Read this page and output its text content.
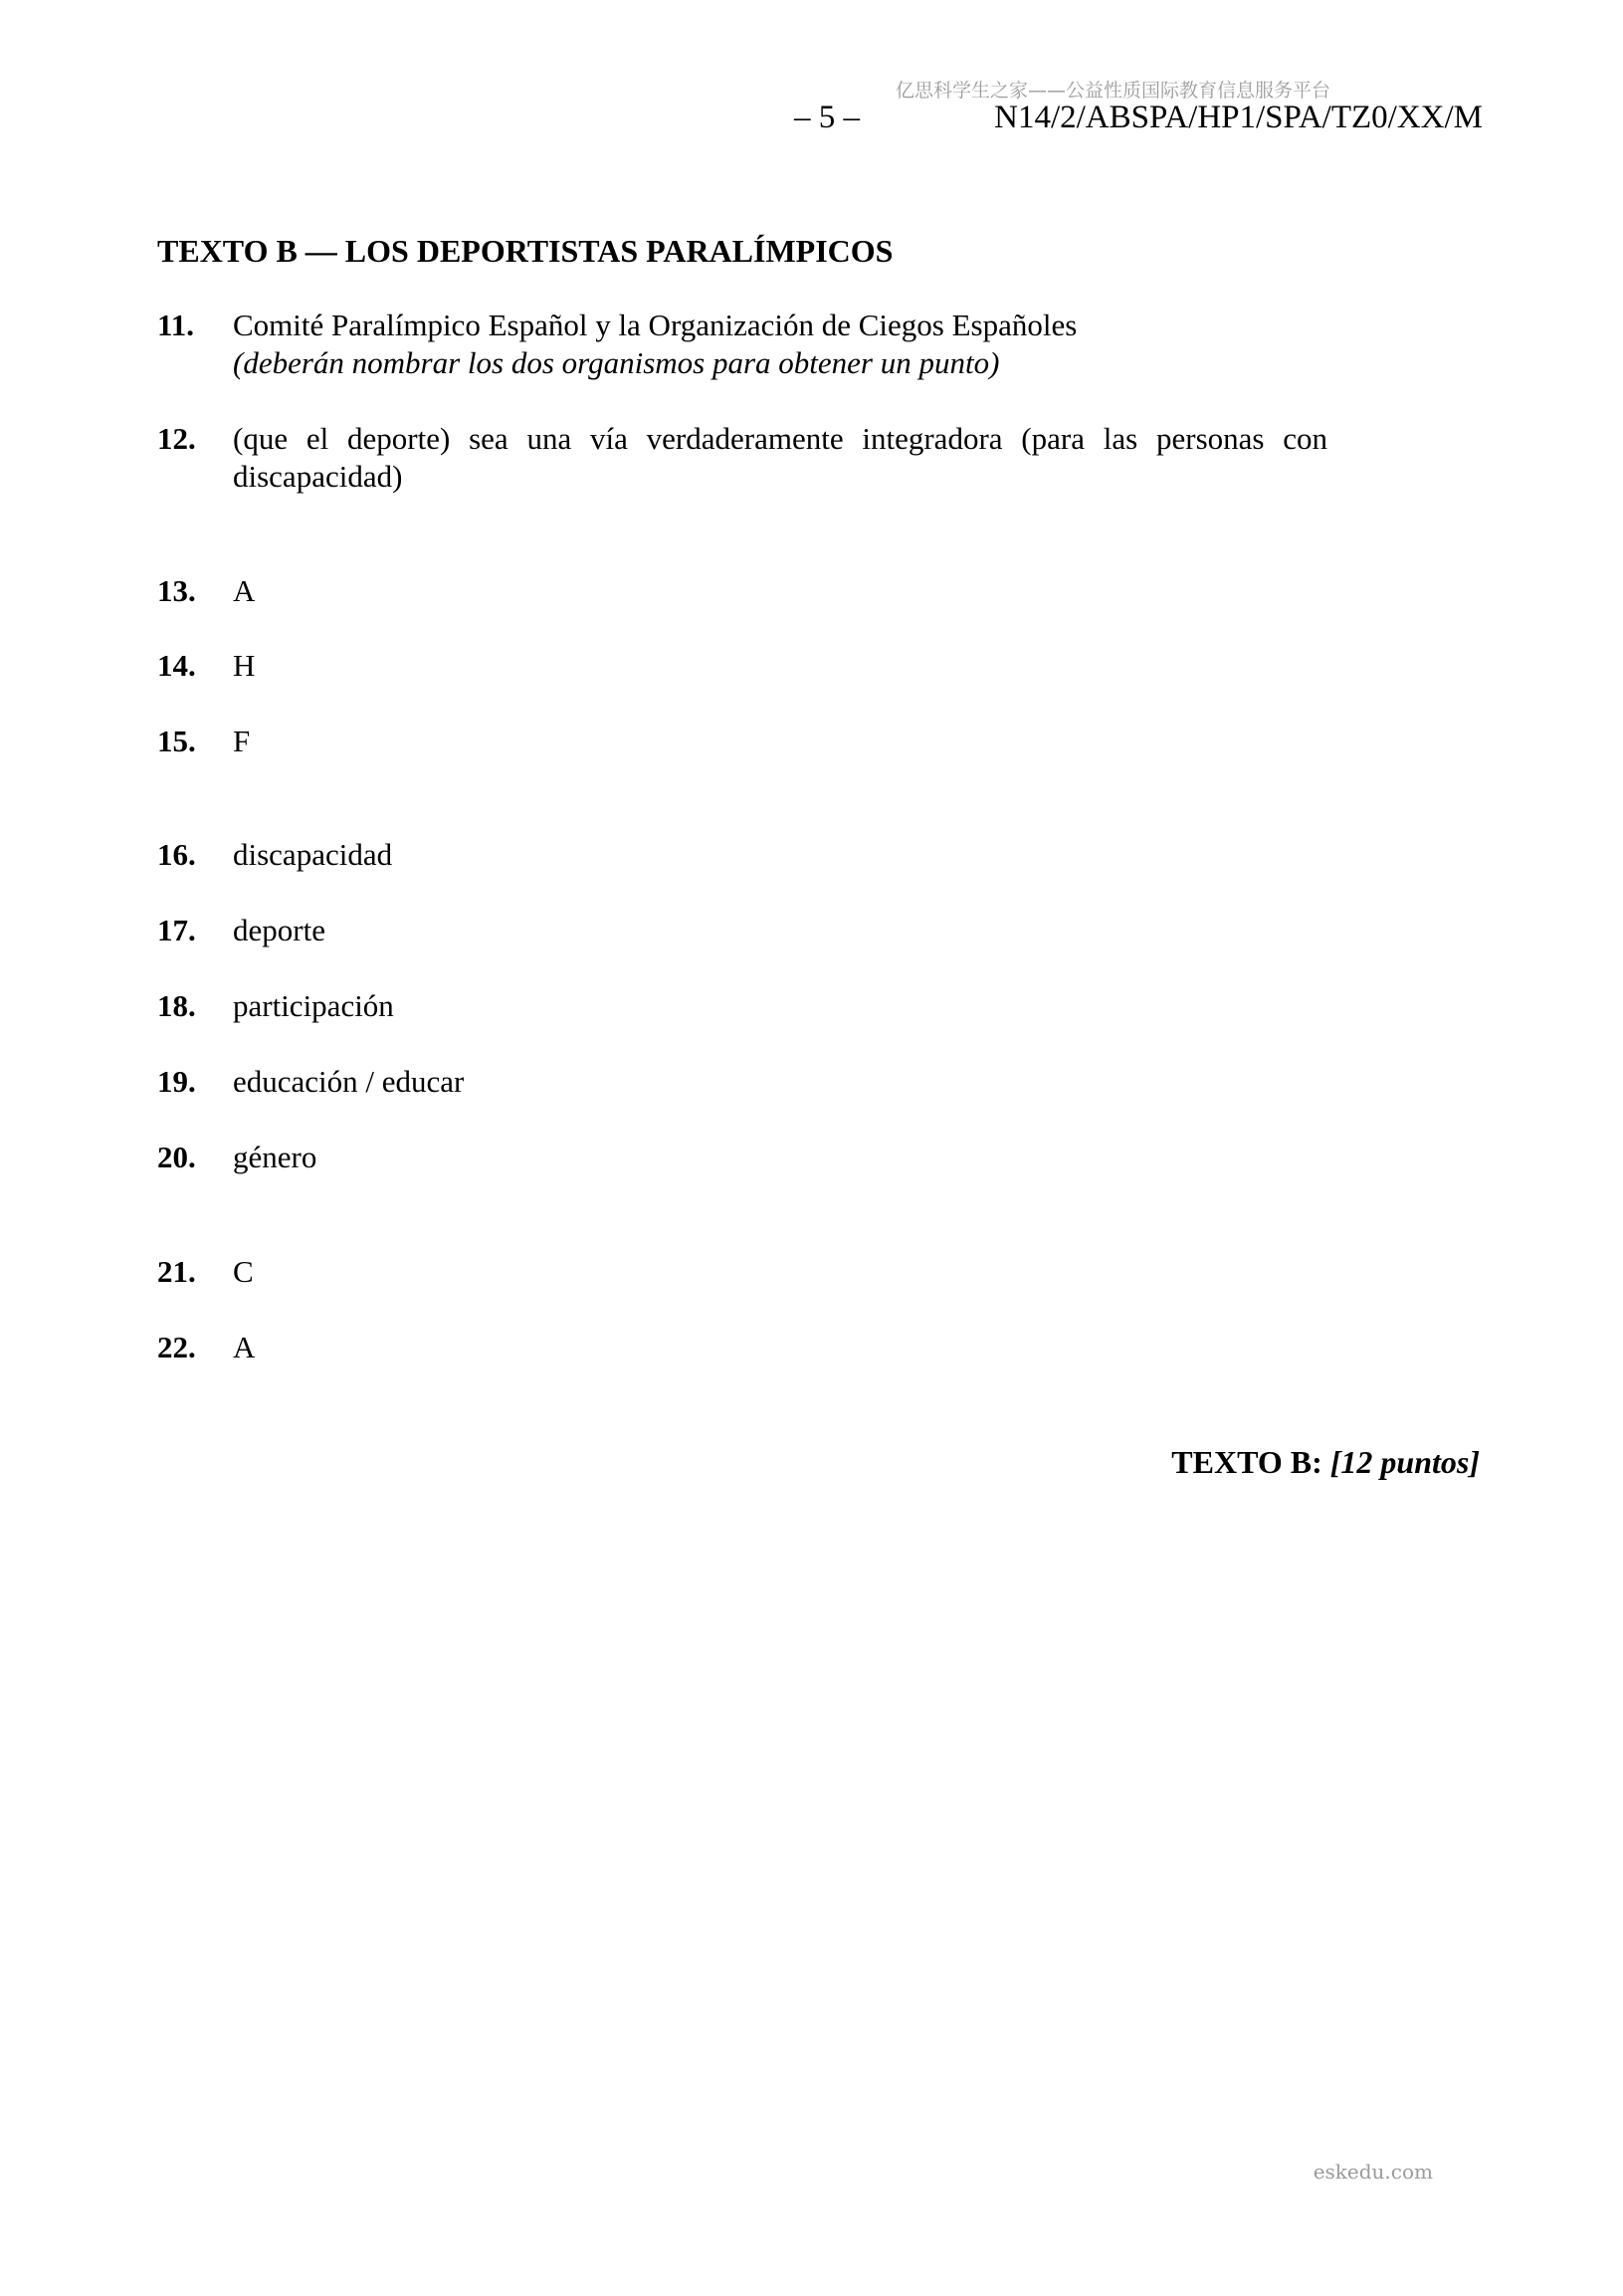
亿思科学生之家——公益性质国际教育信息服务平台
– 5 –	N14/2/ABSPA/HP1/SPA/TZ0/XX/M
TEXTO B — LOS DEPORTISTAS PARALÍMPICOS
11.	Comité Paralímpico Español y la Organización de Ciegos Españoles
(deberán nombrar los dos organismos para obtener un punto)
12.	(que el deporte) sea una vía verdaderamente integradora (para las personas con discapacidad)
13.	A
14.	H
15.	F
16.	discapacidad
17.	deporte
18.	participación
19.	educación / educar
20.	género
21.	C
22.	A
TEXTO B: [12 puntos]
eskedu.com
